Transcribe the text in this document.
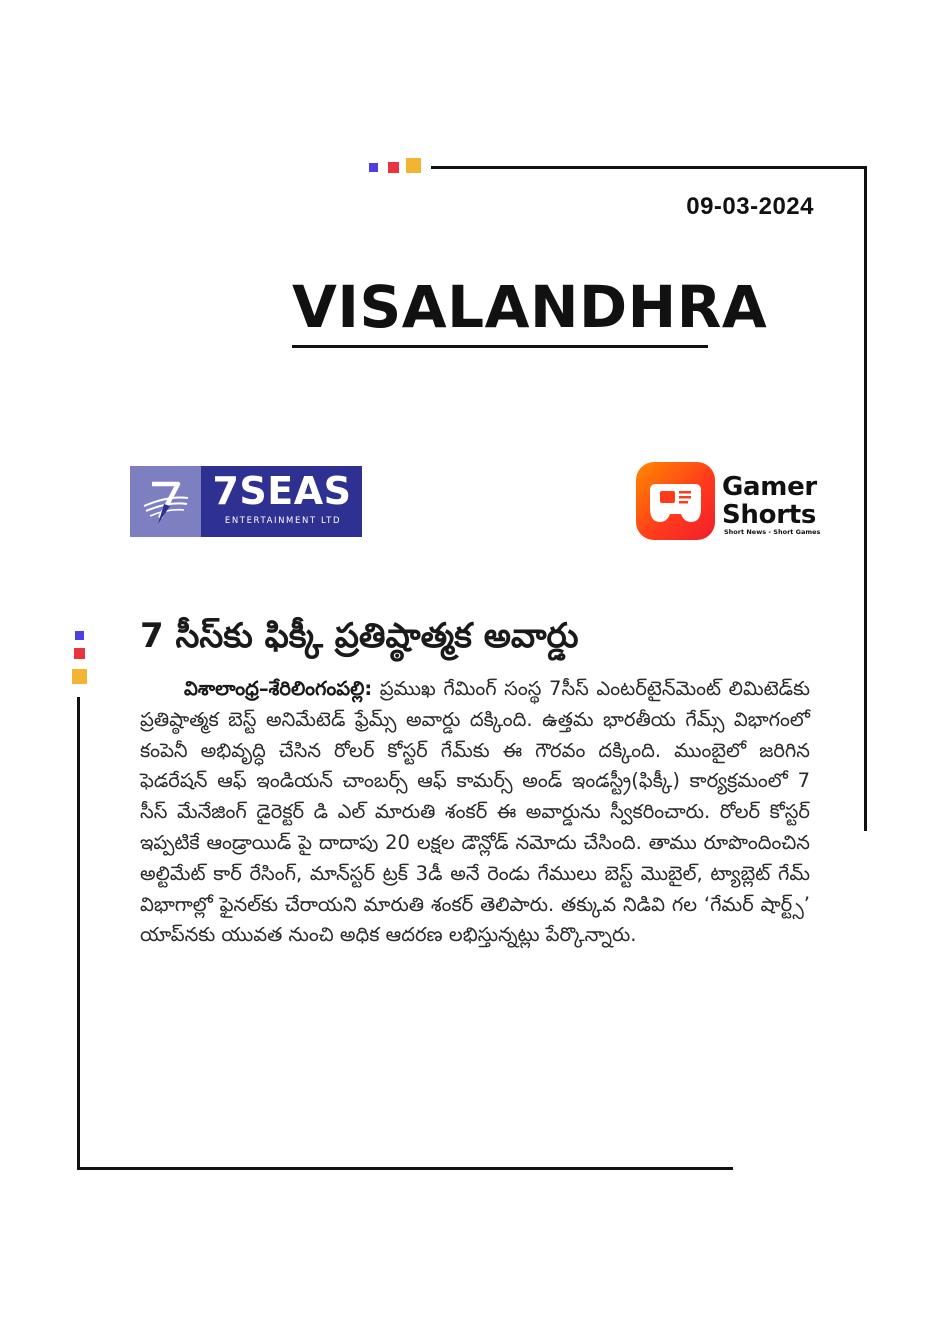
09-03-2024
VISALANDHRA
7SEAS
ENTERTAINMENT LTD
Gamer
Shorts
Short News - Short Games
7 సీస్‌కు ఫిక్కీ ప్రతిష్ఠాత్మక అవార్డు
విశాలాంధ్ర–శేరిలింగంపల్లి: ప్రముఖ గేమింగ్ సంస్థ 7సీస్ ఎంటర్‌టైన్‌మెంట్ లిమిటెడ్‌కు ప్రతిష్ఠాత్మక బెస్ట్ అనిమేటెడ్ ఫ్రేమ్స్ అవార్డు దక్కింది. ఉత్తమ భారతీయ గేమ్స్ విభాగంలో కంపెనీ అభివృద్ధి చేసిన రోలర్ కోస్టర్ గేమ్‌కు ఈ గౌరవం దక్కింది. ముంబైలో జరిగిన ఫెడరేషన్ ఆఫ్ ఇండియన్ చాంబర్స్ ఆఫ్ కామర్స్ అండ్ ఇండస్ట్రీ(ఫిక్కీ) కార్యక్రమంలో 7 సీస్ మేనేజింగ్ డైరెక్టర్ డి ఎల్ మారుతి శంకర్ ఈ అవార్డును స్వీకరించారు. రోలర్ కోస్టర్ ఇప్పటికే ఆండ్రాయిడ్ పై దాదాపు 20 లక్షల డౌన్లోడ్ నమోదు చేసింది. తాము రూపొందించిన అల్టిమేట్ కార్ రేసింగ్, మాన్‌స్టర్ ట్రక్ 3డీ అనే రెండు గేములు బెస్ట్ మొబైల్, ట్యాబ్లెట్ గేమ్ విభాగాల్లో ఫైనల్‌కు చేరాయని మారుతి శంకర్ తెలిపారు. తక్కువ నిడివి గల ‘గేమర్ షార్ట్స్’ యాప్‌నకు యువత నుంచి అధిక ఆదరణ లభిస్తున్నట్లు పేర్కొన్నారు.
